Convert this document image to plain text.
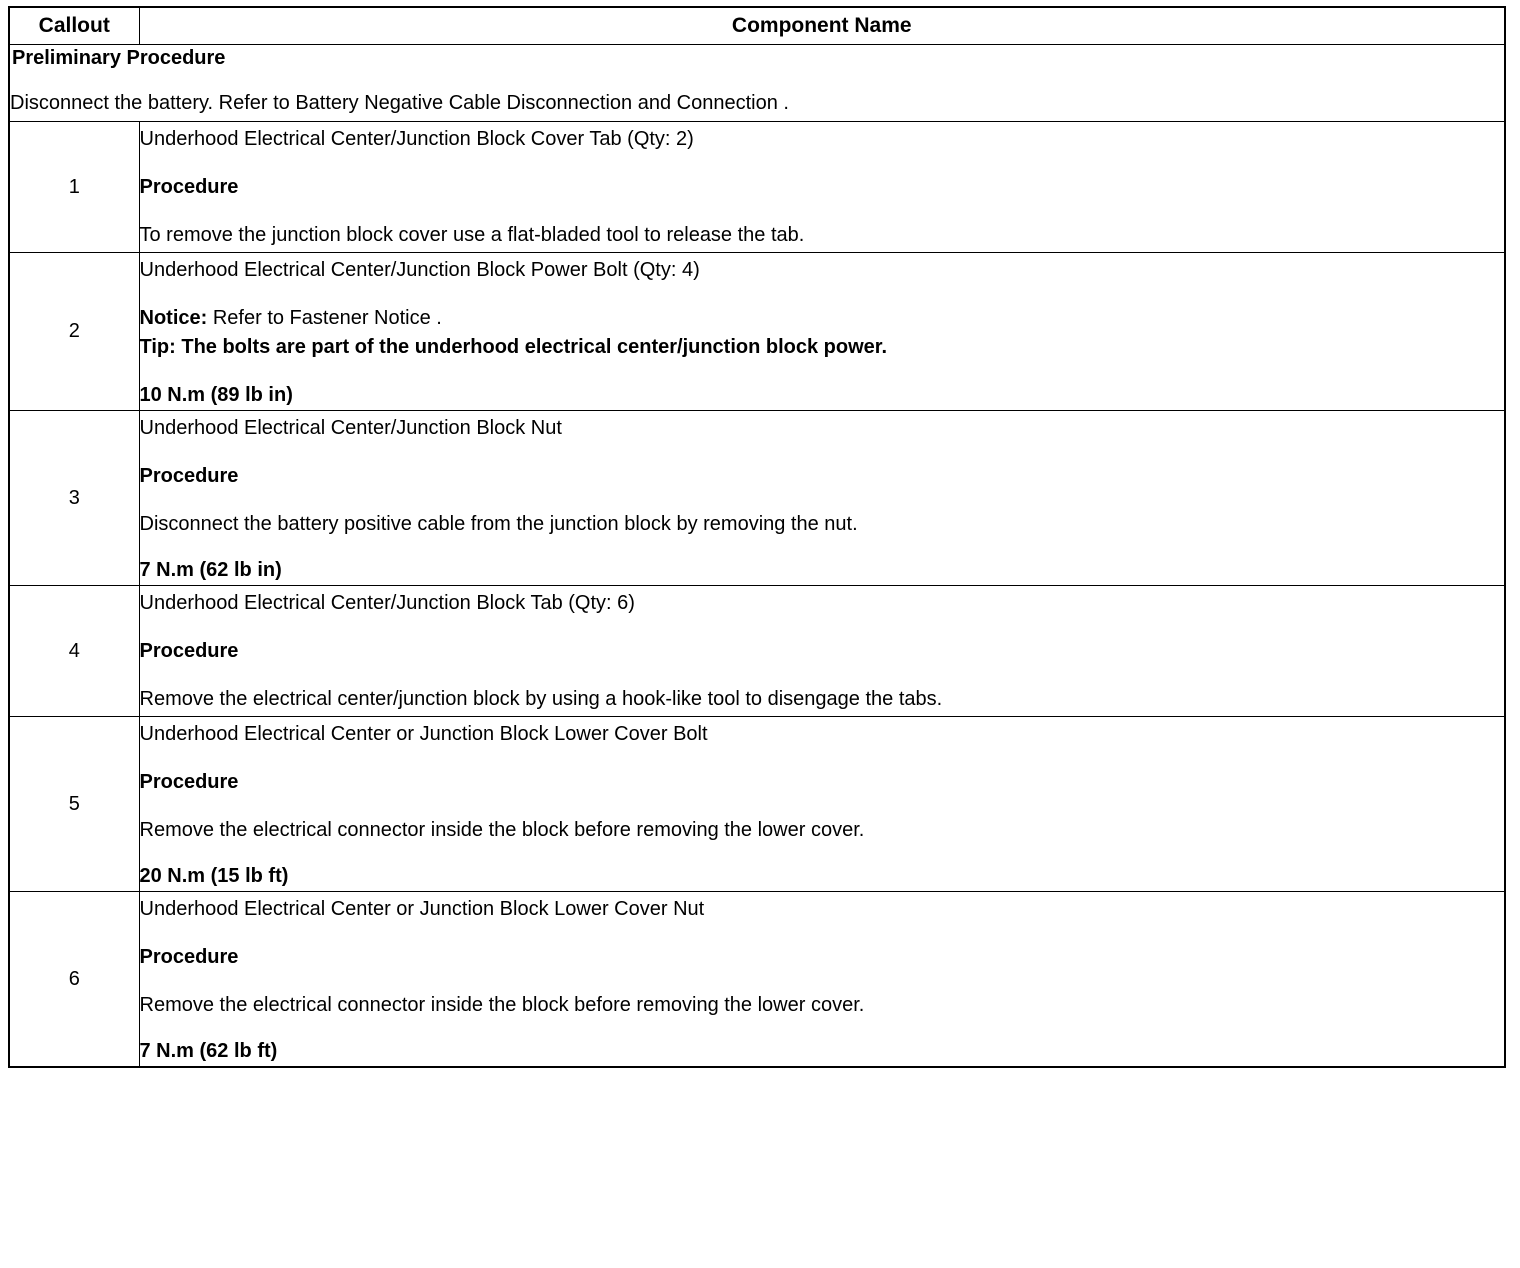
Callout	Component Name

Preliminary Procedure
Disconnect the battery. Refer to Battery Negative Cable Disconnection and Connection .	

1	Underhood Electrical Center/Junction Block Cover Tab (Qty: 2)
Procedure
To remove the junction block cover use a flat-bladed tool to release the tab.

2	Underhood Electrical Center/Junction Block Power Bolt (Qty: 4)
Notice: Refer to Fastener Notice .
Tip: The bolts are part of the underhood electrical center/junction block power.
10 N.m (89 lb in)

3	Underhood Electrical Center/Junction Block Nut
Procedure
Disconnect the battery positive cable from the junction block by removing the nut.
7 N.m (62 lb in)

4	Underhood Electrical Center/Junction Block Tab (Qty: 6)
Procedure
Remove the electrical center/junction block by using a hook-like tool to disengage the tabs.

5	Underhood Electrical Center or Junction Block Lower Cover Bolt
Procedure
Remove the electrical connector inside the block before removing the lower cover.
20 N.m (15 lb ft)

6	Underhood Electrical Center or Junction Block Lower Cover Nut
Procedure
Remove the electrical connector inside the block before removing the lower cover.
7 N.m (62 lb ft)
